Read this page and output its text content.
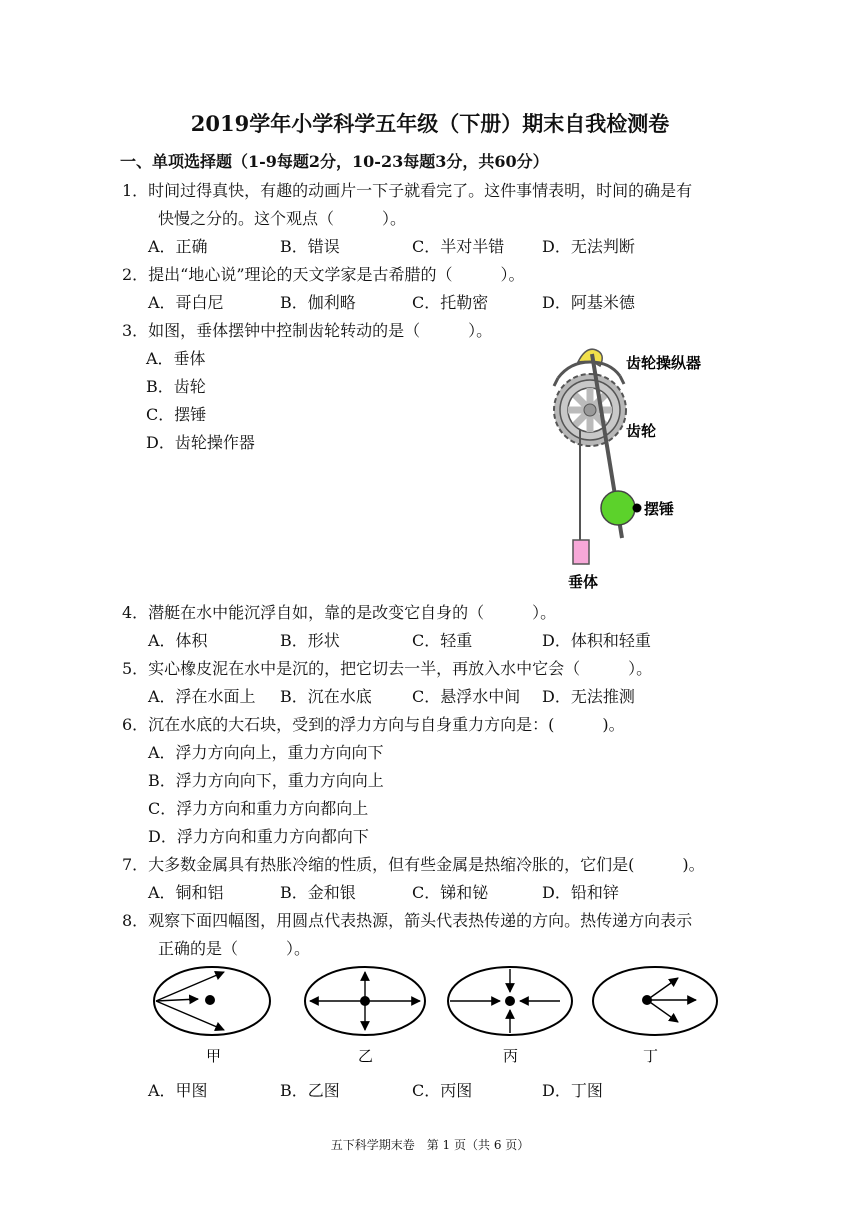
2019学年小学科学五年级（下册）期末自我检测卷
一、单项选择题（1-9每题2分，10-23每题3分，共60分）
1．时间过得真快，有趣的动画片一下子就看完了。这件事情表明，时间的确是有
快慢之分的。这个观点（　　　）。
A．正确	B．错误	C．半对半错 D．无法判断
2．提出“地心说”理论的天文学家是古希腊的（　　　）。
A．哥白尼	B．伽利略	C．托勒密	D．阿基米德
3．如图，垂体摆钟中控制齿轮转动的是（　　　）。
A．垂体
B．齿轮
C．摆锤
D．齿轮操作器
齿轮操纵器
齿轮
摆锤
垂体
4．潜艇在水中能沉浮自如，靠的是改变它自身的（　　　）。
A．体积	B．形状	C．轻重	D．体积和轻重
5．实心橡皮泥在水中是沉的，把它切去一半，再放入水中它会（　　　）。
A．浮在水面上 B．沉在水底	C．悬浮水中间 D．无法推测
6．沉在水底的大石块，受到的浮力方向与自身重力方向是：(　　　)。
A．浮力方向向上，重力方向向下
B．浮力方向向下，重力方向向上
C．浮力方向和重力方向都向上
D．浮力方向和重力方向都向下
7．大多数金属具有热胀冷缩的性质，但有些金属是热缩冷胀的，它们是(　　　)。
A．铜和铝	B．金和银	C．锑和铋	D．铅和锌
8．观察下面四幅图，用圆点代表热源，箭头代表热传递的方向。热传递方向表示
正确的是（　　　）。
甲	乙	丙	丁
A．甲图	B．乙图	C．丙图	D．丁图
五下科学期末卷　第 1 页（共 6 页）
